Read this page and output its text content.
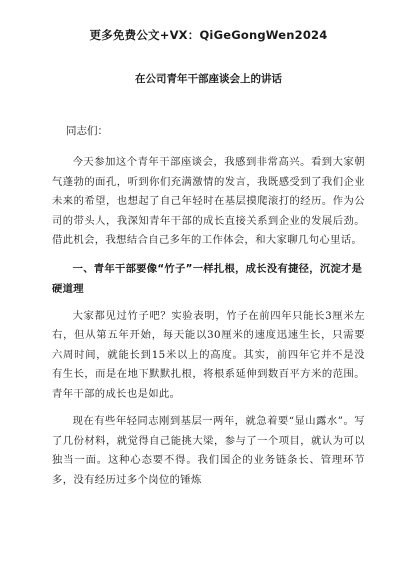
更多免费公文+VX：QiGeGongWen2024
在公司青年干部座谈会上的讲话
同志们：

今天参加这个青年干部座谈会，我感到非常高兴。看到大家朝气蓬勃的面孔，听到你们充满激情的发言，我既感受到了我们企业未来的希望，也想起了自己年轻时在基层摸爬滚打的经历。作为公司的带头人，我深知青年干部的成长直接关系到企业的发展后劲。借此机会，我想结合自己多年的工作体会，和大家聊几句心里话。

一、青年干部要像“竹子”一样扎根，成长没有捷径，沉淀才是硬道理

大家都见过竹子吧？实验表明，竹子在前四年只能长3厘米左右，但从第五年开始，每天能以30厘米的速度迅速生长，只需要六周时间，就能长到15米以上的高度。其实，前四年它并不是没有生长，而是在地下默默扎根，将根系延伸到数百平方米的范围。青年干部的成长也是如此。

现在有些年轻同志刚到基层一两年，就急着要“显山露水”。写了几份材料，就觉得自己能挑大梁，参与了一个项目，就认为可以独当一面。这种心态要不得。我们国企的业务链条长、管理环节多，没有经历过多个岗位的锤炼
